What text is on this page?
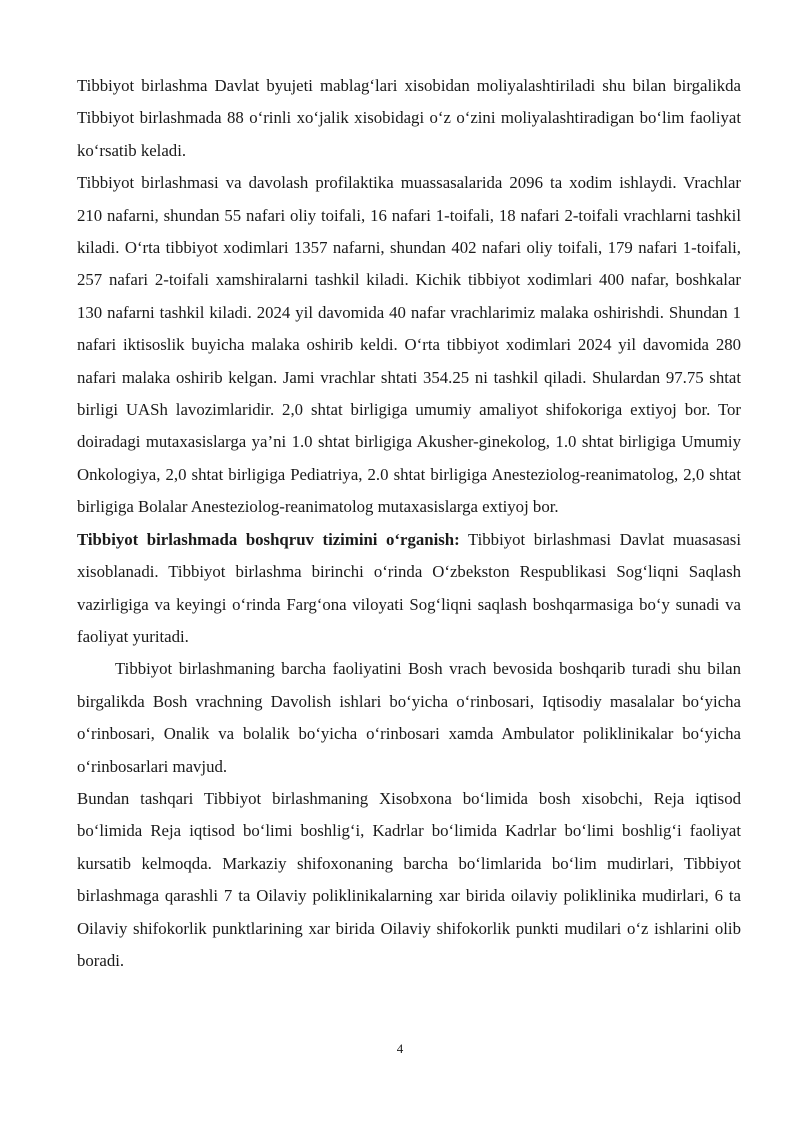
Tibbiyot birlashma Davlat byujeti mablag‘lari xisobidan moliyalashtiriladi shu bilan birgalikda Tibbiyot birlashmada 88 o‘rinli xo‘jalik xisobidagi o‘z o‘zini moliyalashtiradigan bo‘lim faoliyat ko‘rsatib keladi.

Tibbiyot birlashmasi va davolash profilaktika muassasalarida 2096 ta xodim ishlaydi. Vrachlar 210 nafarni, shundan 55 nafari oliy toifali, 16 nafari 1-toifali, 18 nafari 2-toifali vrachlarni tashkil kiladi. O‘rta tibbiyot xodimlari 1357 nafarni, shundan 402 nafari oliy toifali, 179 nafari 1-toifali, 257 nafari 2-toifali xamshiralarni tashkil kiladi. Kichik tibbiyot xodimlari 400 nafar, boshkalar 130 nafarni tashkil kiladi. 2024 yil davomida 40 nafar vrachlarimiz malaka oshirishdi. Shundan 1 nafari iktisoslik buyicha malaka oshirib keldi. O‘rta tibbiyot xodimlari 2024 yil davomida 280 nafari malaka oshirib kelgan. Jami vrachlar shtati 354.25 ni tashkil qiladi. Shulardan 97.75 shtat birligi UASh lavozimlaridir. 2,0 shtat birligiga umumiy amaliyot shifokoriga extiyoj bor. Tor doiradagi mutaxasislarga ya’ni 1.0 shtat birligiga Akusher-ginekolog, 1.0 shtat birligiga Umumiy Onkologiya, 2,0 shtat birligiga Pediatriya, 2.0 shtat birligiga Anesteziolog-reanimatolog, 2,0 shtat birligiga Bolalar Anesteziolog-reanimatolog mutaxasislarga extiyoj bor.

Tibbiyot birlashmada boshqruv tizimini o‘rganish: Tibbiyot birlashmasi Davlat muasasasi xisoblanadi. Tibbiyot birlashma birinchi o‘rinda O‘zbekston Respublikasi Sog‘liqni Saqlash vazirligiga va keyingi o‘rinda Farg‘ona viloyati Sog‘liqni saqlash boshqarmasiga bo‘y sunadi va faoliyat yuritadi.

Tibbiyot birlashmaning barcha faoliyatini Bosh vrach bevosida boshqarib turadi shu bilan birgalikda Bosh vrachning Davolish ishlari bo‘yicha o‘rinbosari, Iqtisodiy masalalar bo‘yicha o‘rinbosari, Onalik va bolalik bo‘yicha o‘rinbosari xamda Ambulator poliklinikalar bo‘yicha o‘rinbosarlari mavjud.

Bundan tashqari Tibbiyot birlashmaning Xisobxona bo‘limida bosh xisobchi, Reja iqtisod bo‘limida Reja iqtisod bo‘limi boshlig‘i, Kadrlar bo‘limida Kadrlar bo‘limi boshlig‘i faoliyat kursatib kelmoqda. Markaziy shifoxonaning barcha bo‘limlarida bo‘lim mudirlari, Tibbiyot birlashmaga qarashli 7 ta Oilaviy poliklinikalarning xar birida oilaviy poliklinika mudirlari, 6 ta Oilaviy shifokorlik punktlarining xar birida Oilaviy shifokorlik punkti mudilari o‘z ishlarini olib boradi.

4
